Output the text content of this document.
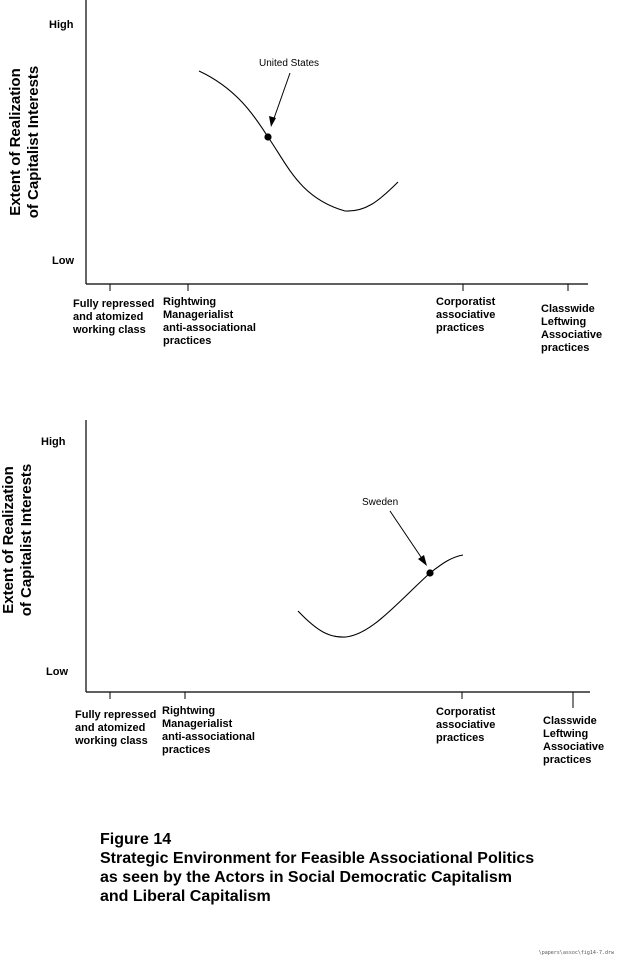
High
Low
Extent of Realization of Capitalist Interests
Fully repressed and atomized working class
Rightwing Managerialist anti-associational practices
Corporatist associative practices
Classwide Leftwing Associative practices
United States
High
Low
Extent of Realization of Capitalist Interests
Fully repressed and atomized working class
Rightwing Managerialist anti-associational practices
Corporatist associative practices
Classwide Leftwing Associative practices
Sweden
Figure 14
Strategic Environment for Feasible Associational Politics
as seen by the Actors in Social Democratic Capitalism
and Liberal Capitalism
\papers\assoc\fig14-7.drw
